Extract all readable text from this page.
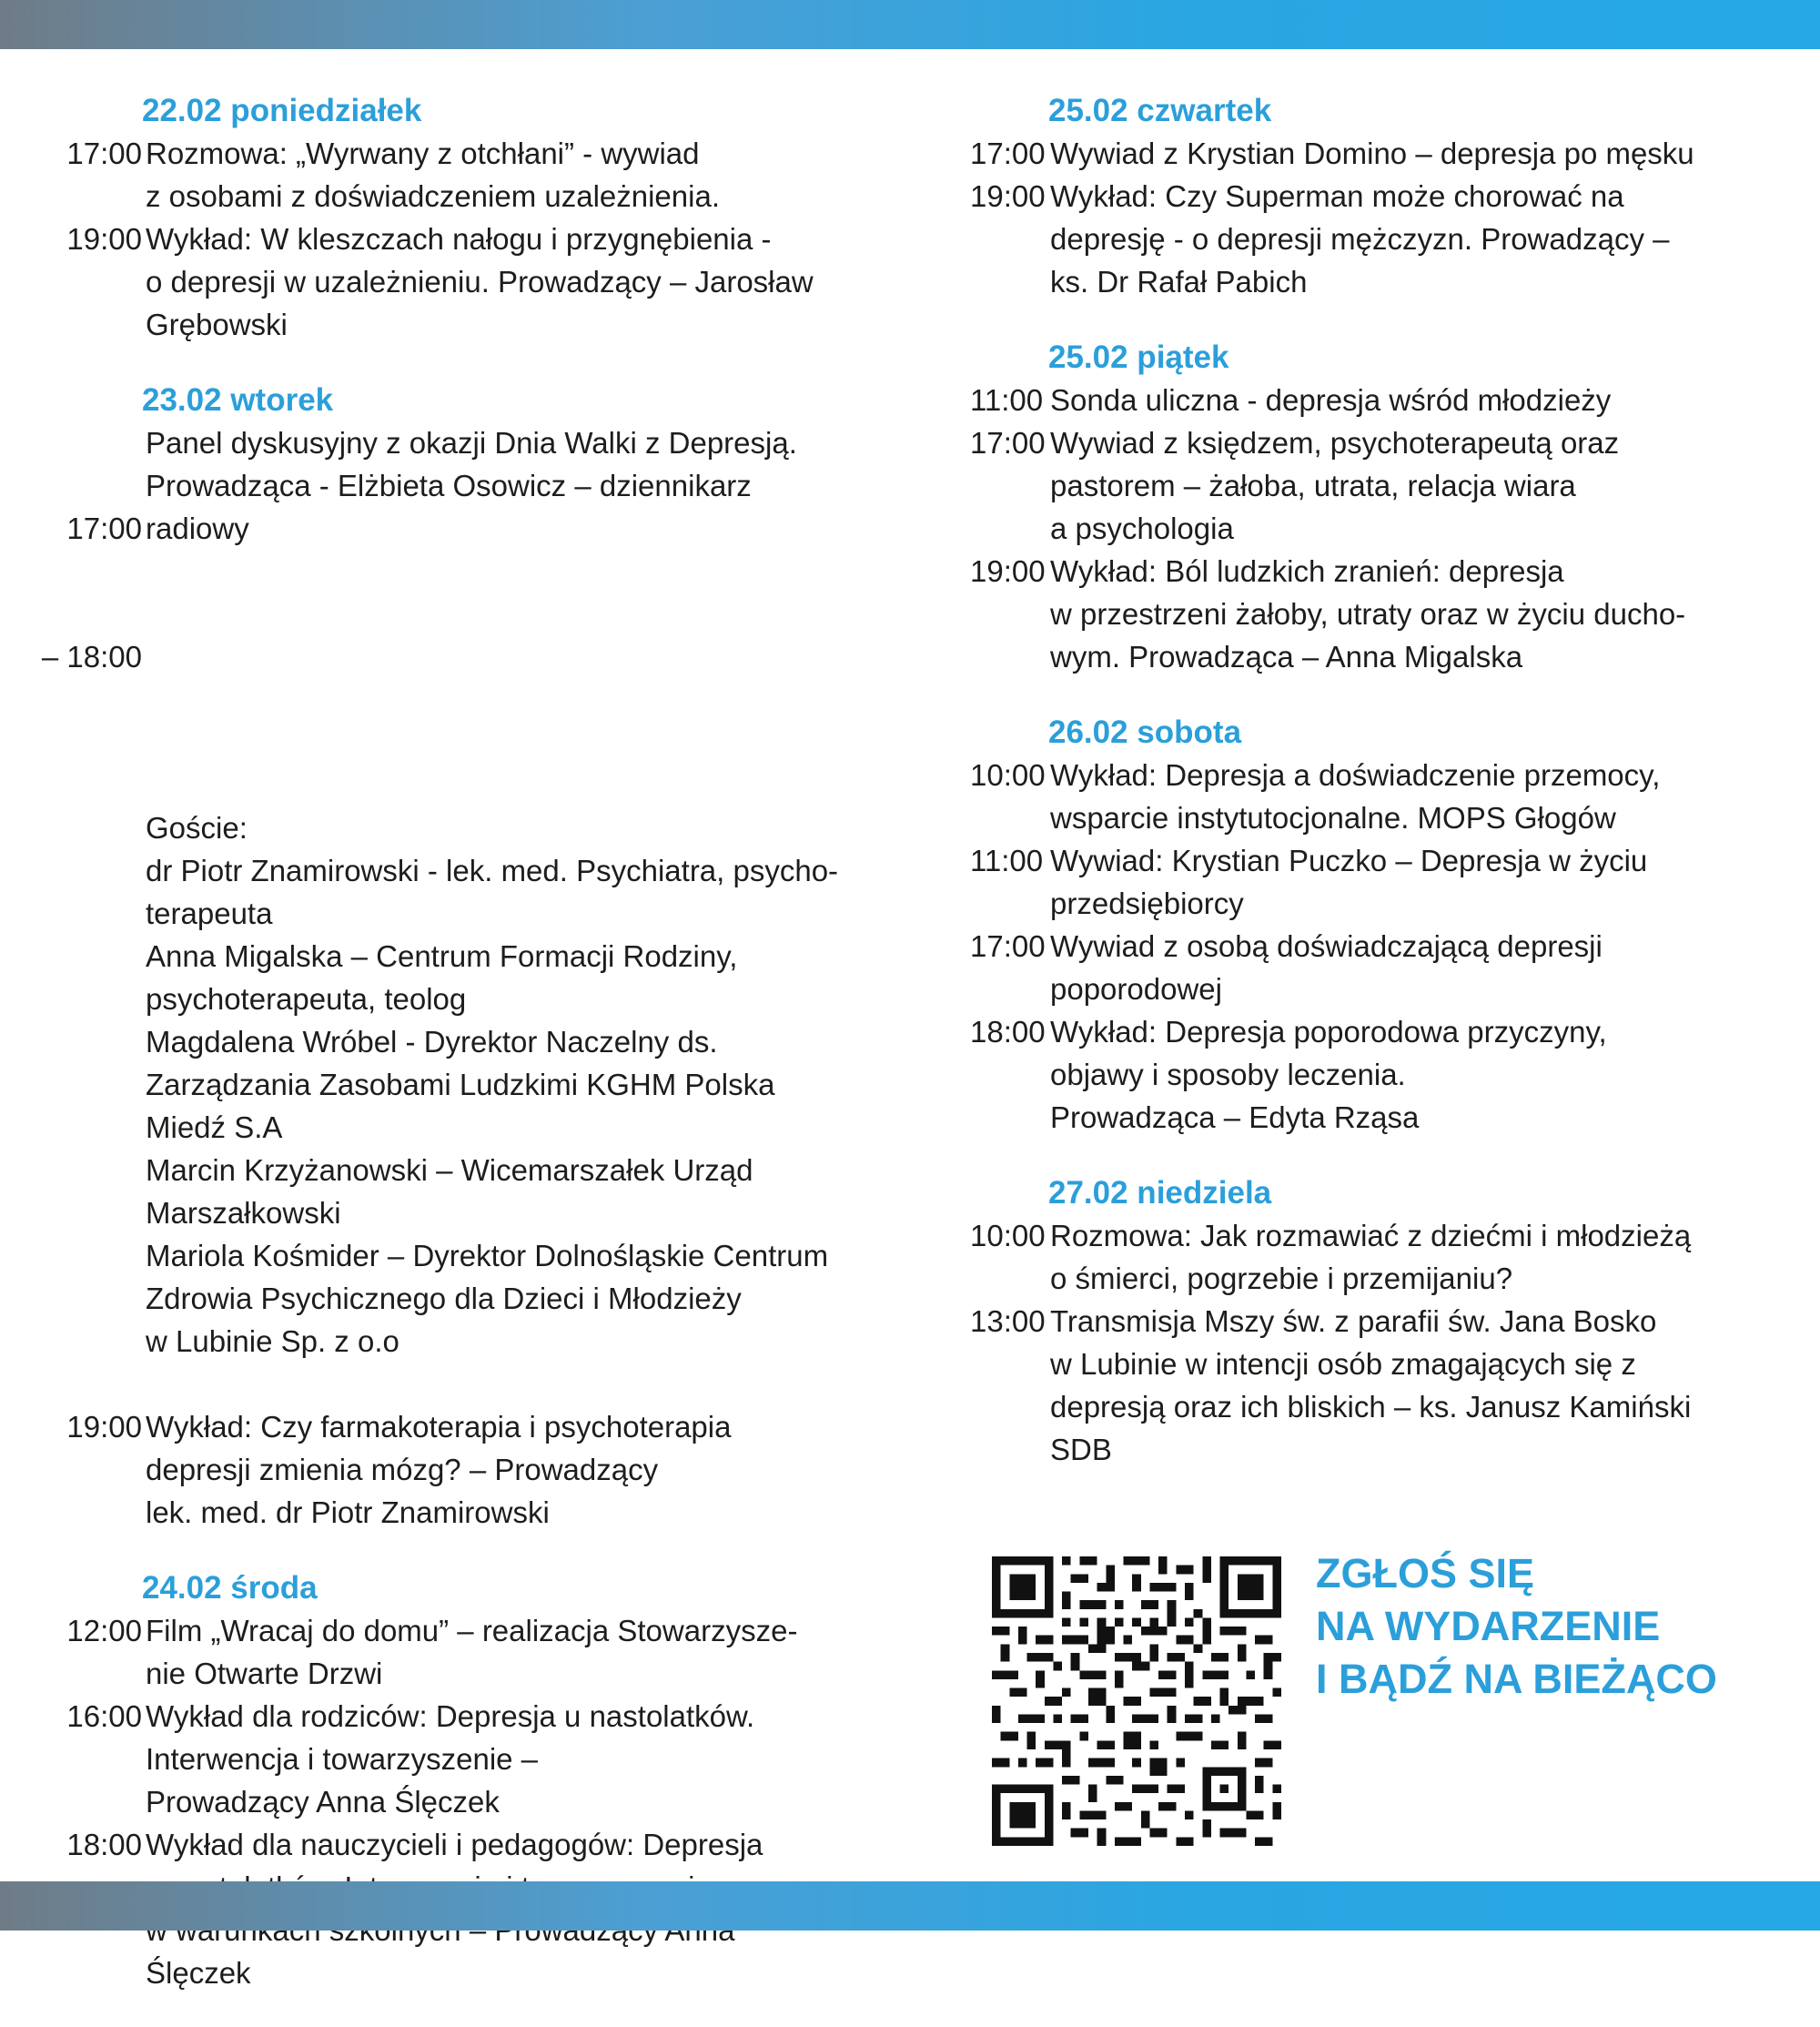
22.02 poniedziałek
17:00 Rozmowa: „Wyrwany z otchłani” - wywiad
z osobami z doświadczeniem uzależnienia.
19:00 Wykład: W kleszczach nałogu i przygnębienia -
o depresji w uzależnieniu. Prowadzący – Jarosław
Grębowski
23.02 wtorek

17:00

– 18:00

Panel dyskusyjny z okazji Dnia Walki z Depresją.
Prowadząca - Elżbieta Osowicz – dziennikarz
radiowy
Goście:
dr Piotr Znamirowski - lek. med. Psychiatra, psycho-
terapeuta
Anna Migalska – Centrum Formacji Rodziny,
psychoterapeuta, teolog
Magdalena Wróbel - Dyrektor Naczelny ds.
Zarządzania Zasobami Ludzkimi KGHM Polska
Miedź S.A
Marcin Krzyżanowski – Wicemarszałek Urząd
Marszałkowski
Mariola Kośmider – Dyrektor Dolnośląskie Centrum
Zdrowia Psychicznego dla Dzieci i Młodzieży
w Lubinie Sp. z o.o
19:00 Wykład: Czy farmakoterapia i psychoterapia
depresji zmienia mózg? – Prowadzący
lek. med. dr Piotr Znamirowski
24.02 środa
12:00 Film „Wracaj do domu” – realizacja Stowarzysze-
nie Otwarte Drzwi
16:00 Wykład dla rodziców: Depresja u nastolatków.
Interwencja i towarzyszenie –
Prowadzący Anna Ślęczek
18:00 Wykład dla nauczycieli i pedagogów: Depresja
Ślęczek
25.02 czwartek
17:00 Wywiad z Krystian Domino – depresja po męsku
19:00 Wykład: Czy Superman może chorować na
depresję - o depresji mężczyzn. Prowadzący –
ks. Dr Rafał Pabich
25.02 piątek
11:00 Sonda uliczna - depresja wśród młodzieży
17:00 Wywiad z księdzem, psychoterapeutą oraz
pastorem – żałoba, utrata, relacja wiara
a psychologia
19:00 Wykład: Ból ludzkich zranień: depresja
w przestrzeni żałoby, utraty oraz w życiu ducho-
wym. Prowadząca – Anna Migalska
26.02 sobota
10:00 Wykład: Depresja a doświadczenie przemocy,
wsparcie instytutocjonalne. MOPS Głogów
11:00 Wywiad: Krystian Puczko – Depresja w życiu
przedsiębiorcy
17:00 Wywiad z osobą doświadczającą depresji
poporodowej
18:00 Wykład: Depresja poporodowa przyczyny,
objawy i sposoby leczenia.
Prowadząca – Edyta Rząsa
27.02 niedziela
10:00 Rozmowa: Jak rozmawiać z dziećmi i młodzieżą
o śmierci, pogrzebie i przemijaniu?
13:00 Transmisja Mszy św. z parafii św. Jana Bosko
w Lubinie w intencji osób zmagających się z
depresją oraz ich bliskich – ks. Janusz Kamiński
SDB
ZGŁOŚ SIĘ
NA WYDARZENIE
I BĄDŹ NA BIEŻĄCO
